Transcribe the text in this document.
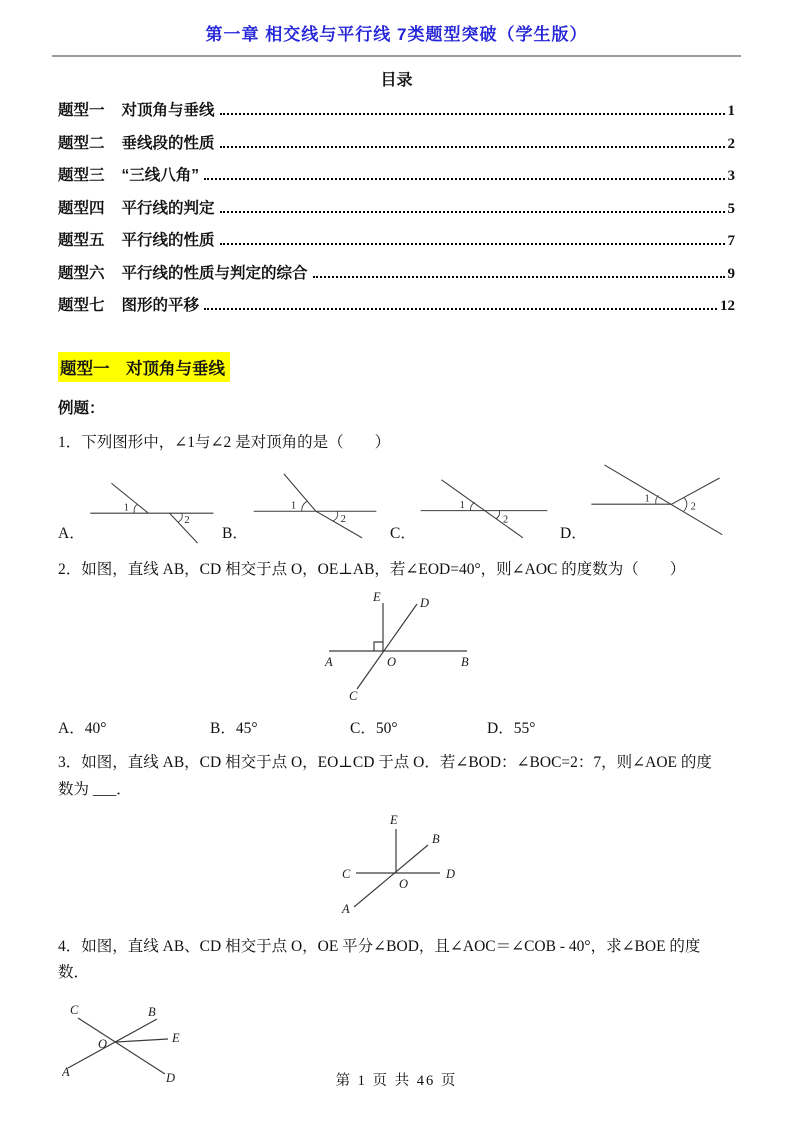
第一章 相交线与平行线 7类题型突破（学生版）
目录
题型一 对顶角与垂线	1
题型二 垂线段的性质	2
题型三 “三线八角”	3
题型四 平行线的判定	5
题型五 平行线的性质	7
题型六 平行线的性质与判定的综合	9
题型七 图形的平移	12
题型一　对顶角与垂线
例题：
1．下列图形中，∠1与∠2 是对顶角的是（　　）
A．
1
2
B．
1
2
C．
1
2
D．
1
2
2．如图，直线 AB，CD 相交于点 O，OE⊥AB，若∠EOD=40°，则∠AOC 的度数为（　　）
E	D
A	O	B
C
A．40°	B．45°	C．50°	D．55°
3．如图，直线 AB，CD 相交于点 O，EO⊥CD 于点 O．若∠BOD：∠BOC=2：7，则∠AOE 的度
数为 ___．
E
B
C	D
O
A
4．如图，直线 AB、CD 相交于点 O，OE 平分∠BOD，且∠AOC＝∠COB - 40°，求∠BOE 的度
数．
C	B
E
O
A	D	第 1 页 共 46 页
